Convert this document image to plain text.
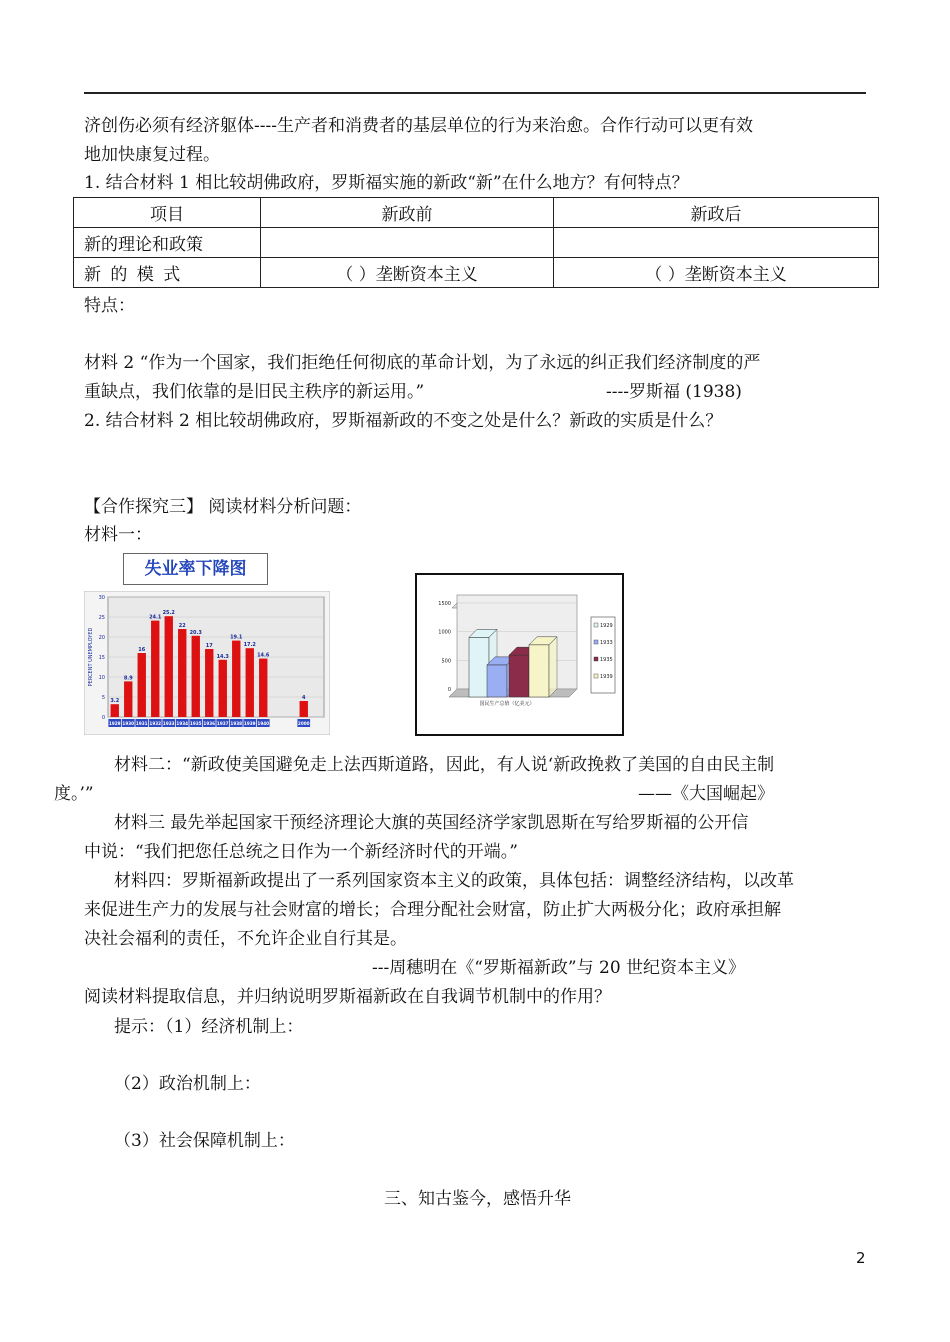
济创伤必须有经济躯体----生产者和消费者的基层单位的行为来治愈。合作行动可以更有效
地加快康复过程。
1. 结合材料 1 相比较胡佛政府，罗斯福实施的新政“新”在什么地方？有何特点？
项目	新政前	新政后
新的理论和政策		
新 的 模 式	（ ）垄断资本主义	（ ）垄断资本主义
特点：
材料 2 “作为一个国家，我们拒绝任何彻底的革命计划，为了永远的纠正我们经济制度的严
重缺点，我们依靠的是旧民主秩序的新运用。”	----罗斯福 (1938)
2. 结合材料 2 相比较胡佛政府，罗斯福新政的不变之处是什么？新政的实质是什么？
【合作探究三】 阅读材料分析问题：
材料一：
失业率下降图
PERCENT UNEMPLOYED
0
5
10
15
20
25
30
3.2
1929
8.9
1930
16
1931
24.1
1932
25.2
1933
22
1934
20.3
1935
17
1936
14.3
1937
19.1
1938
17.2
1939
14.6
1940
4
2000
0
500
1000
1500
1929
1933
1935
1939
国民生产总值（亿美元）
材料二：“新政使美国避免走上法西斯道路，因此，有人说‘新政挽救了美国的自由民主制
度。’”	——《大国崛起》
材料三 最先举起国家干预经济理论大旗的英国经济学家凯恩斯在写给罗斯福的公开信
中说：“我们把您任总统之日作为一个新经济时代的开端。”
材料四：罗斯福新政提出了一系列国家资本主义的政策，具体包括：调整经济结构，以改革
来促进生产力的发展与社会财富的增长；合理分配社会财富，防止扩大两极分化；政府承担解
决社会福利的责任，不允许企业自行其是。
---周穗明在《“罗斯福新政”与 20 世纪资本主义》
阅读材料提取信息，并归纳说明罗斯福新政在自我调节机制中的作用？
提示：（1）经济机制上：
（2）政治机制上：
（3）社会保障机制上：
三、知古鉴今，感悟升华
2
